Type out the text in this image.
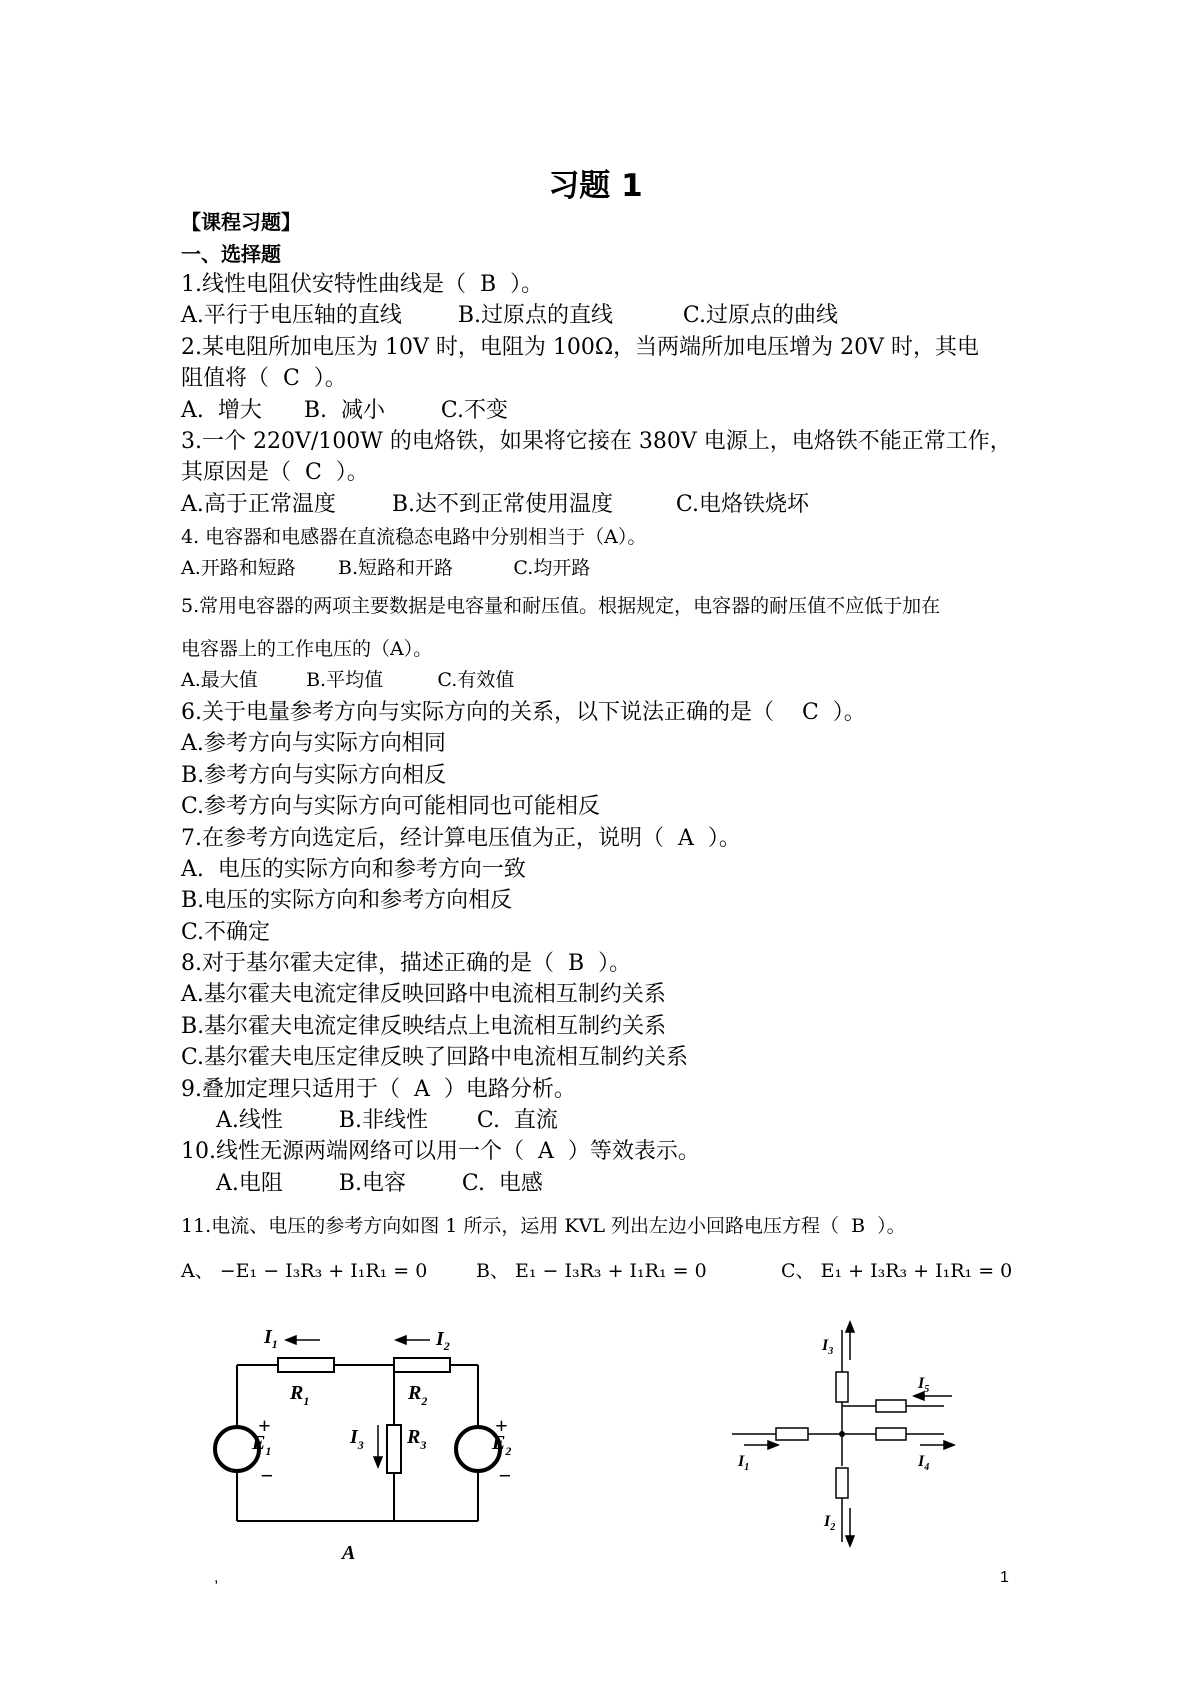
习题 1
【课程习题】
一、选择题
1.线性电阻伏安特性曲线是（  B  ）。
A.平行于电压轴的直线        B.过原点的直线          C.过原点的曲线
2.某电阻所加电压为 10V 时，电阻为 100Ω，当两端所加电压增为 20V 时，其电
阻值将（  C  ）。
A.  增大      B.  减小        C.不变
3.一个 220V/100W 的电烙铁，如果将它接在 380V 电源上，电烙铁不能正常工作，
其原因是（  C  ）。
A.高于正常温度        B.达不到正常使用温度         C.电烙铁烧坏
4. 电容器和电感器在直流稳态电路中分别相当于（A）。
A.开路和短路       B.短路和开路          C.均开路
5.常用电容器的两项主要数据是电容量和耐压值。根据规定，电容器的耐压值不应低于加在
电容器上的工作电压的（A）。
A.最大值        B.平均值         C.有效值
6.关于电量参考方向与实际方向的关系，以下说法正确的是（    C  ）。
A.参考方向与实际方向相同
B.参考方向与实际方向相反
C.参考方向与实际方向可能相同也可能相反
7.在参考方向选定后，经计算电压值为正，说明（  A  ）。
A.  电压的实际方向和参考方向一致
B.电压的实际方向和参考方向相反
C.不确定
8.对于基尔霍夫定律，描述正确的是（  B  ）。
A.基尔霍夫电流定律反映回路中电流相互制约关系
B.基尔霍夫电流定律反映结点上电流相互制约关系
C.基尔霍夫电压定律反映了回路中电流相互制约关系
9.叠加定理只适用于（  A  ）电路分析。
A.线性        B.非线性       C.  直流
10.线性无源两端网络可以用一个（  A  ）等效表示。
A.电阻        B.电容        C.  电感
11.电流、电压的参考方向如图 1 所示，运用 KVL 列出左边小回路电压方程（  B  ）。
A、 −E₁ − I₃R₃ + I₁R₁ = 0	B、 E₁ − I₃R₃ + I₁R₁ = 0	C、 E₁ + I₃R₃ + I₁R₁ = 0
$I_1$	$I_2$
$R_1$	$R_2$
$I_3$ $R_3$
$E_1$	$E_2$
+	+
−	−
A
$I_3$
$I_5$
$I_1$	$I_4$
$I_2$
,	1
